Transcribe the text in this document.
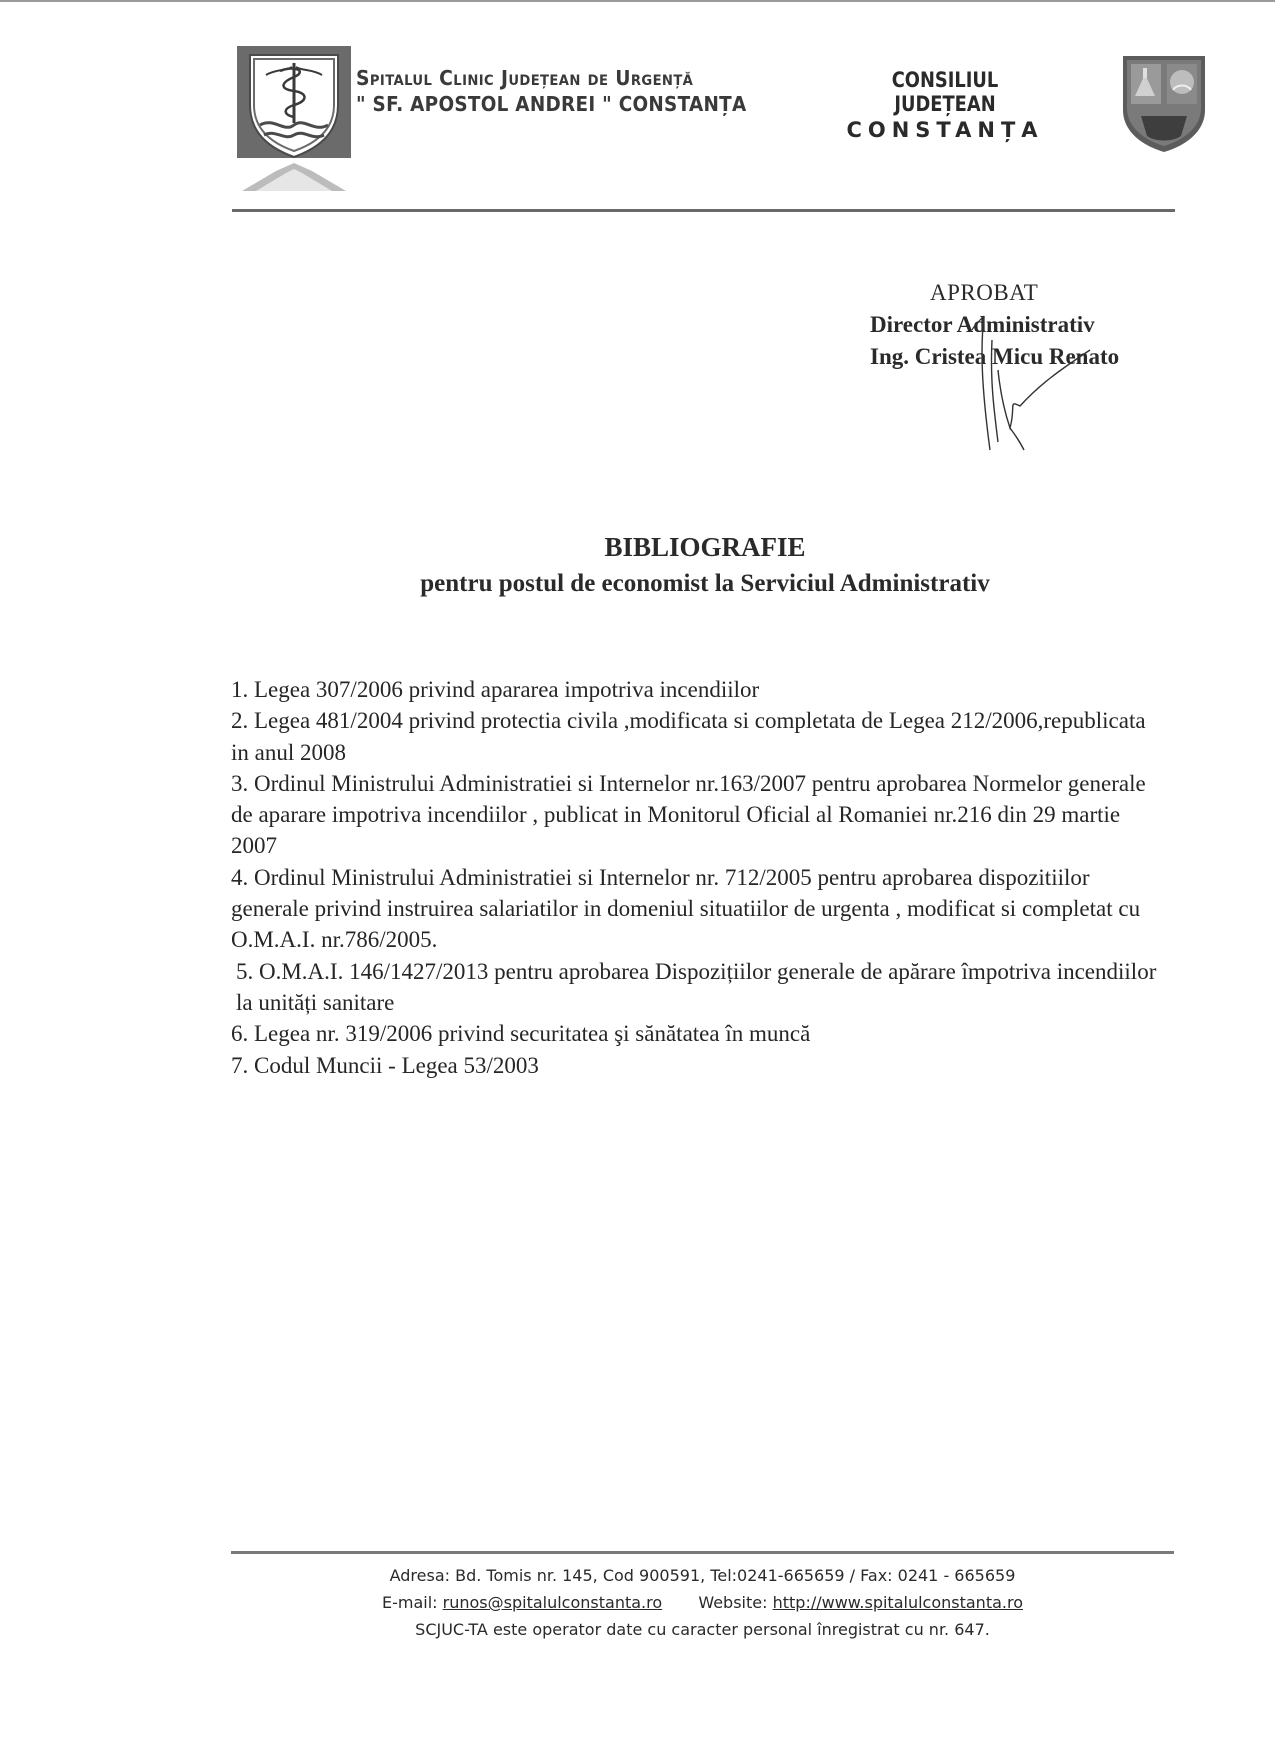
Spitalul Clinic Județean de Urgență
" SF. APOSTOL ANDREI " CONSTANȚA
CONSILIUL JUDEȚEAN
CONSTANȚA
APROBAT
Director Administrativ
Ing. Cristea Micu Renato
BIBLIOGRAFIE
pentru postul de economist la Serviciul Administrativ
1. Legea 307/2006 privind apararea impotriva incendiilor
2. Legea 481/2004 privind protectia civila ,modificata si completata de Legea 212/2006,republicata in anul 2008
3. Ordinul Ministrului Administratiei si Internelor nr.163/2007 pentru aprobarea Normelor generale de aparare impotriva incendiilor , publicat in Monitorul Oficial al Romaniei nr.216 din 29 martie 2007
4. Ordinul Ministrului Administratiei si Internelor nr. 712/2005 pentru aprobarea dispozitiilor generale privind instruirea salariatilor in domeniul situatiilor de urgenta , modificat si completat cu O.M.A.I. nr.786/2005.
5. O.M.A.I. 146/1427/2013 pentru aprobarea Dispozițiilor generale de apărare împotriva incendiilor la unități sanitare
6. Legea nr. 319/2006 privind securitatea şi sănătatea în muncă
7. Codul Muncii - Legea 53/2003
Adresa: Bd. Tomis nr. 145, Cod 900591, Tel:0241-665659 / Fax: 0241 - 665659
E-mail: runos@spitalulconstanta.ro Website: http://www.spitalulconstanta.ro
SCJUC-TA este operator date cu caracter personal înregistrat cu nr. 647.
